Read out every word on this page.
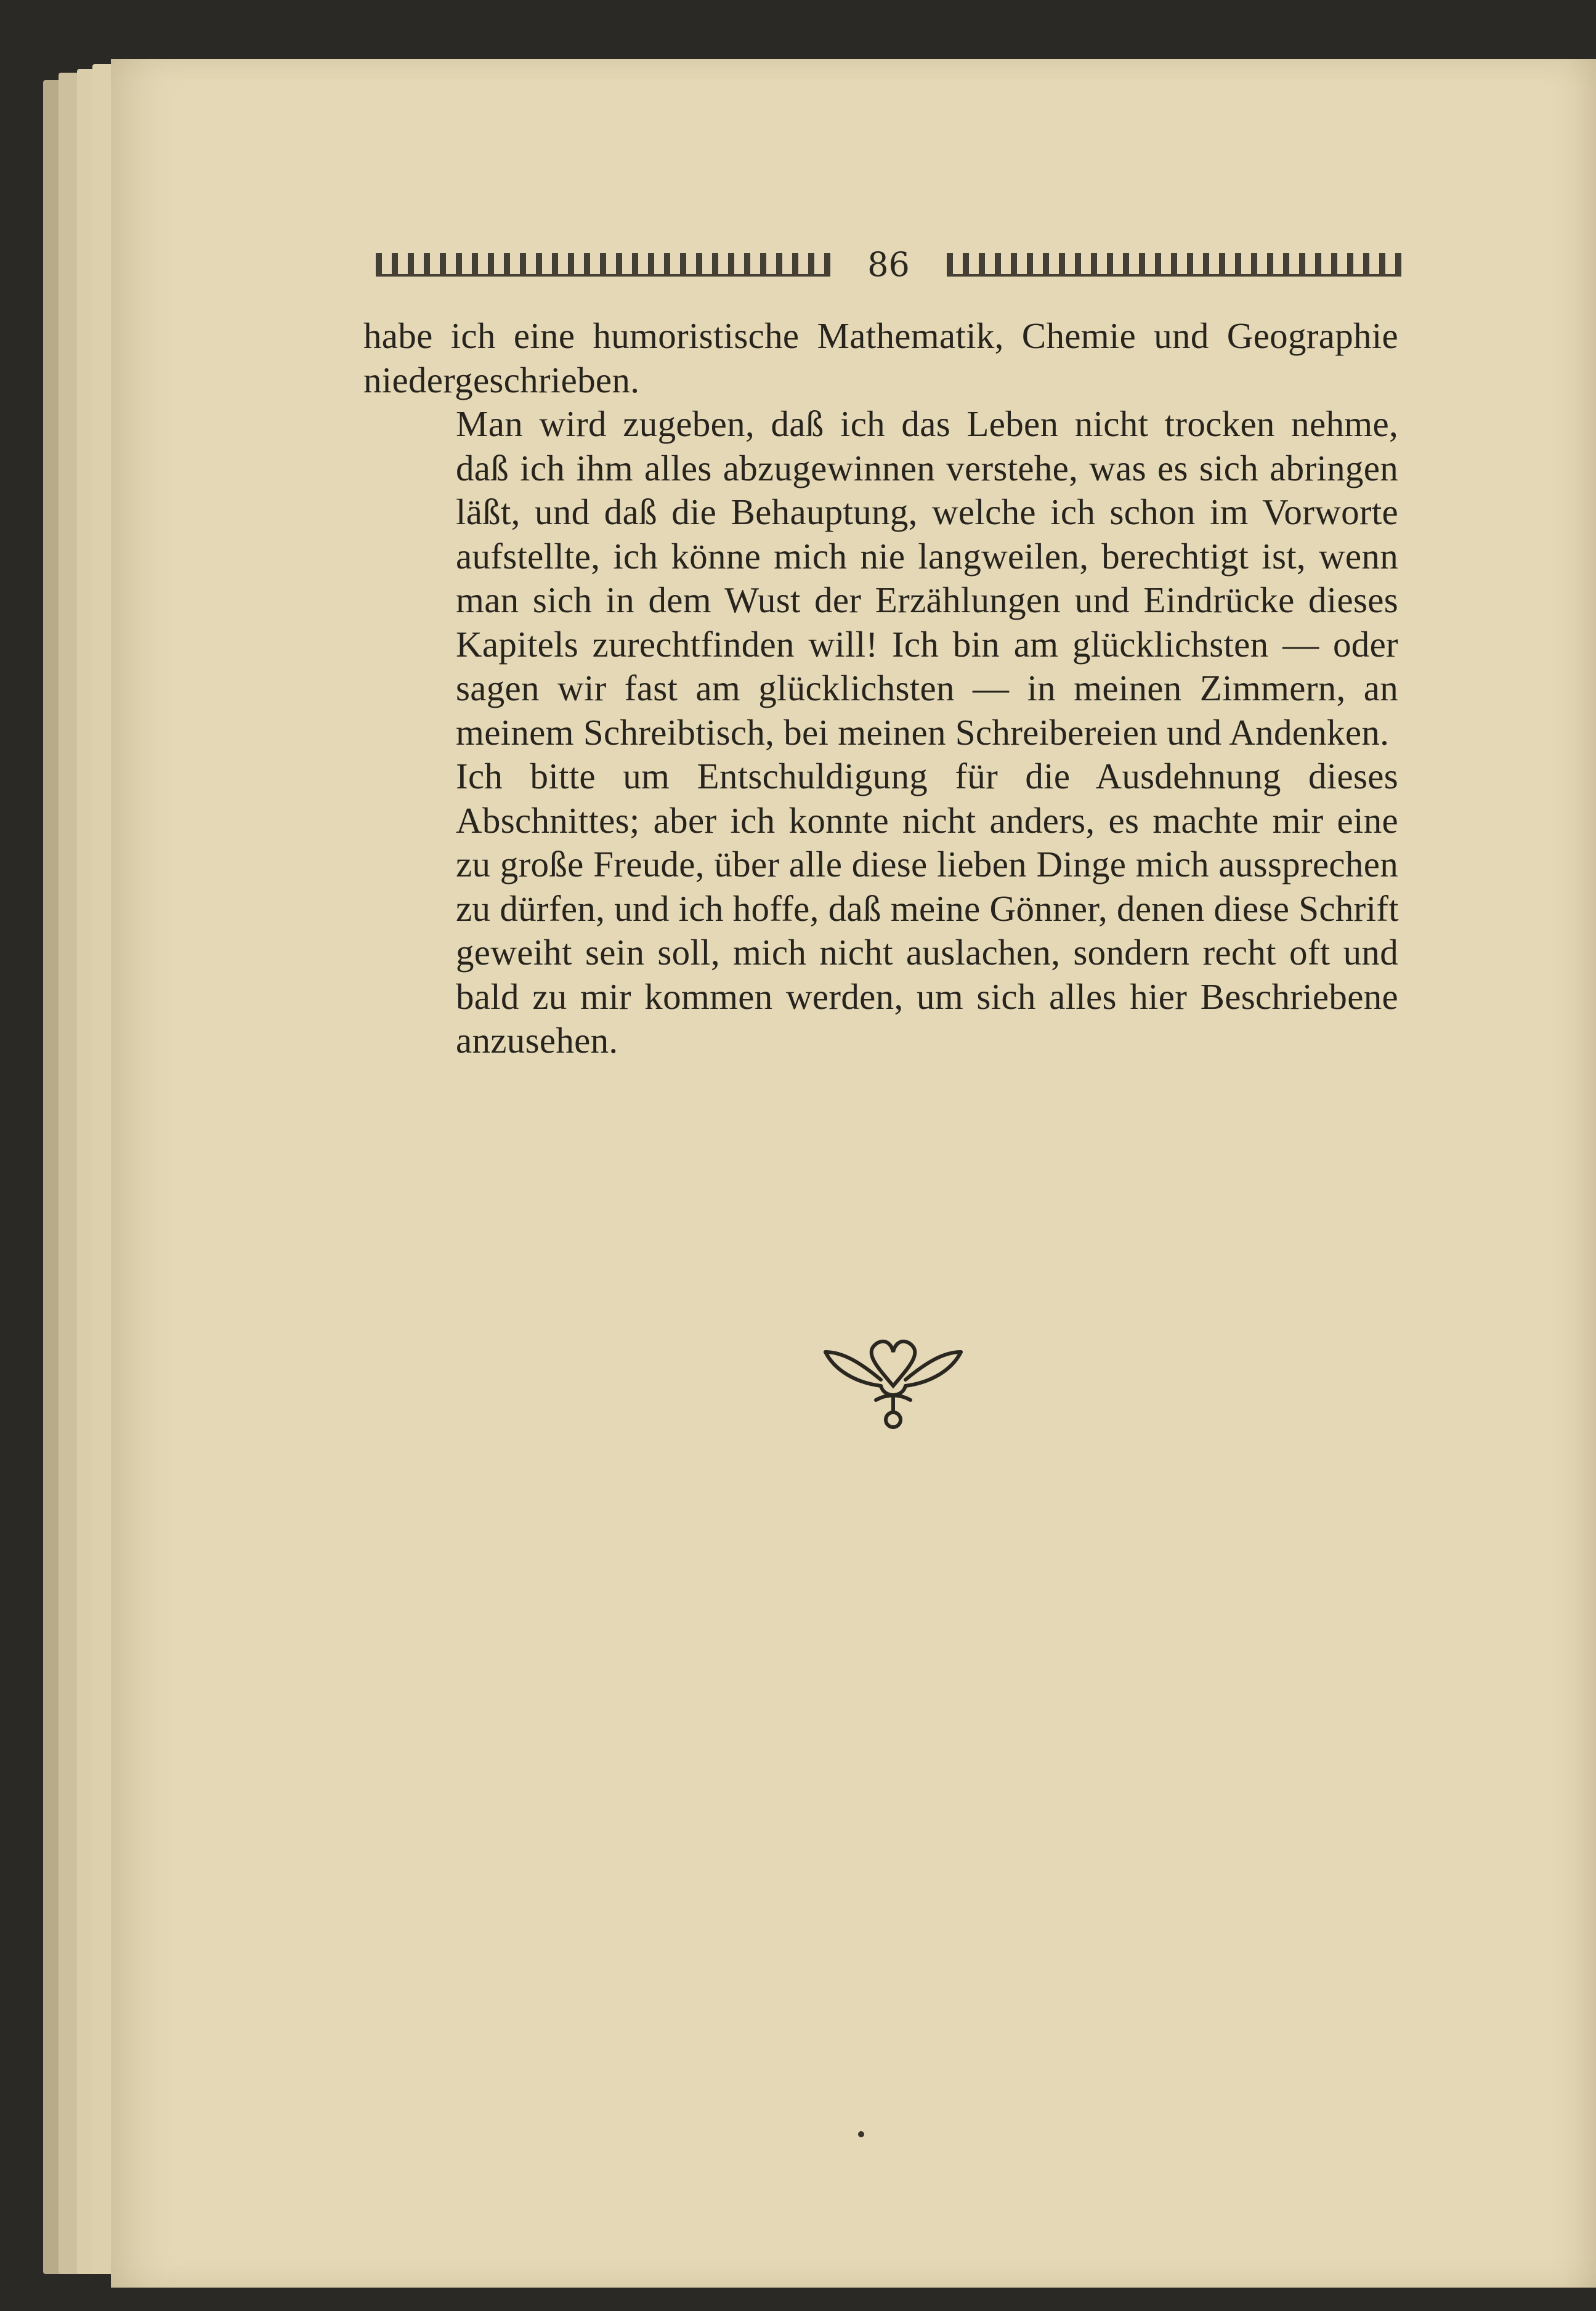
86

habe ich eine humoristische Mathematik, Chemie und Geographie
niedergeschrieben.

Man wird zugeben, daß ich das Leben nicht trocken nehme,
daß ich ihm alles abzugewinnen verstehe, was es sich abringen
läßt, und daß die Behauptung, welche ich schon im Vorworte
aufstellte, ich könne mich nie langweilen, berechtigt ist, wenn
man sich in dem Wust der Erzählungen und Eindrücke dieses
Kapitels zurechtfinden will! Ich bin am glücklichsten — oder
sagen wir fast am glücklichsten — in meinen Zimmern, an
meinem Schreibtisch, bei meinen Schreibereien und Andenken.

Ich bitte um Entschuldigung für die Ausdehnung dieses
Abschnittes; aber ich konnte nicht anders, es machte mir eine
zu große Freude, über alle diese lieben Dinge mich aussprechen
zu dürfen, und ich hoffe, daß meine Gönner, denen diese Schrift
geweiht sein soll, mich nicht auslachen, sondern recht oft und
bald zu mir kommen werden, um sich alles hier Beschriebene
anzusehen.
